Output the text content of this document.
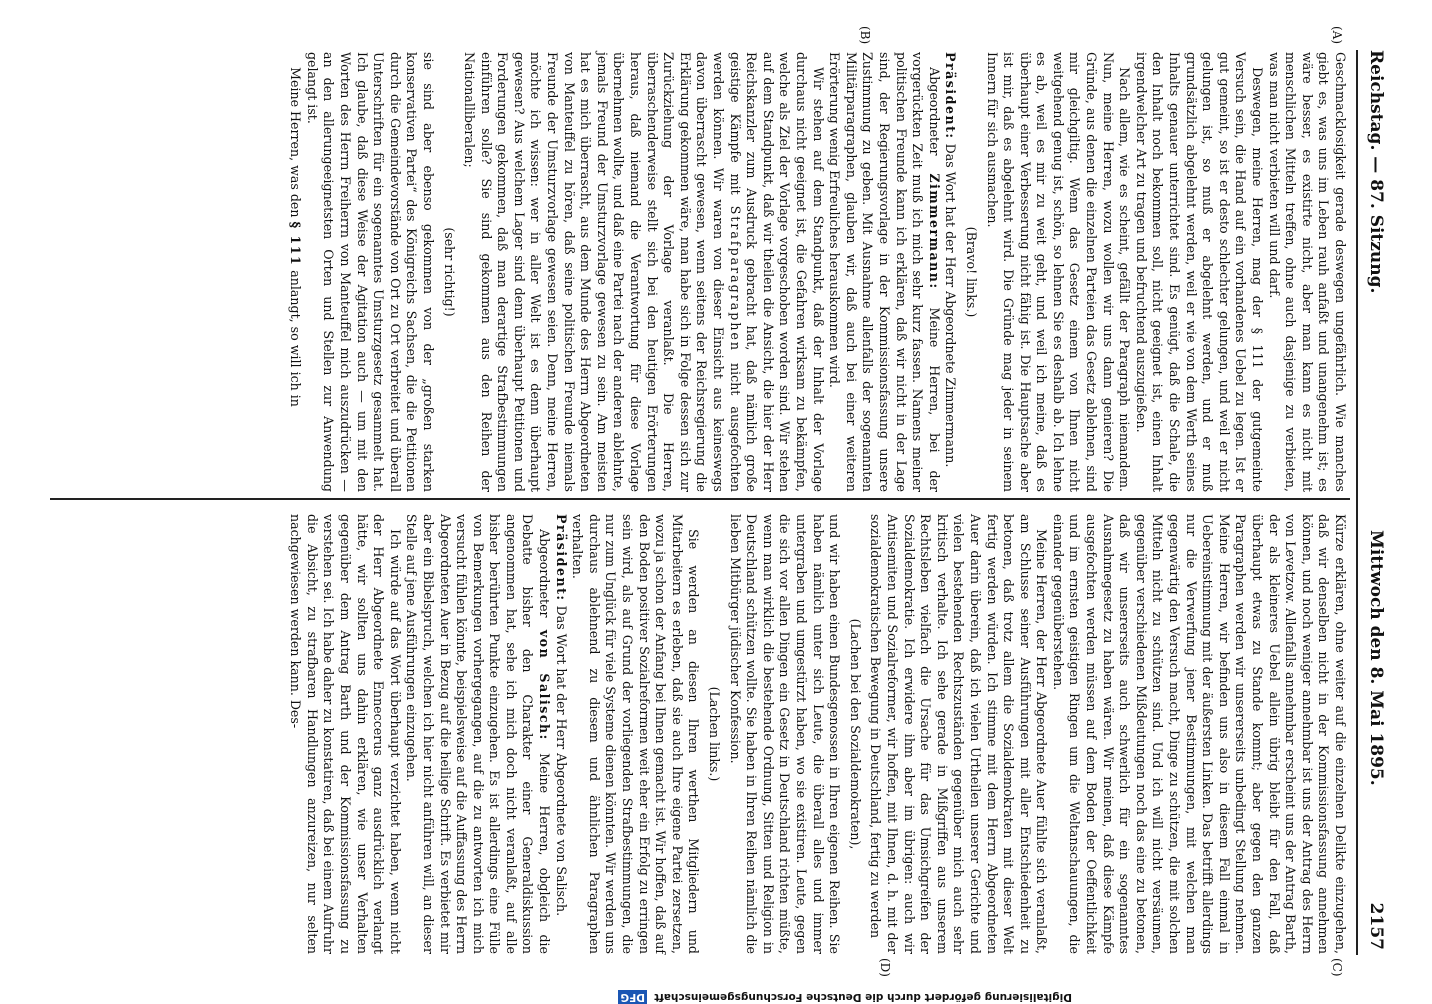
Reichstag. — 87. Sitzung.
Mittwoch den 8. Mai 1895.
2157
(A)
(B)
(C)
(D)

Geschmacklosigkeit gerade deswegen ungefährlich. Wie manches giebt es, was uns im Leben rauh anfaßt und unangenehm ist; es wäre besser, es existirte nicht, aber man kann es nicht mit menschlichen Mitteln treffen, ohne auch dasjenige zu verbieten, was man nicht verbieten will und darf.

Deswegen, meine Herren, mag der § 111 der gutgemeinte Versuch sein, die Hand auf ein vorhandenes Uebel zu legen. Ist er gut gemeint, so ist er desto schlechter gelungen, und weil er nicht gelungen ist, so muß er abgelehnt werden, und er muß grundsätzlich abgelehnt werden, weil er wie von dem Werth seines Inhalts genauer unterrichtet sind. Es genügt, daß die Schale, die den Inhalt noch bekommen soll, nicht geeignet ist, einen Inhalt irgendwelcher Art zu tragen und befruchtend auszugießen.

Nach allem, wie es scheint, gefällt der Paragraph niemandem. Nun, meine Herren, wozu wollen wir uns dann genieren? Die Gründe, aus denen die einzelnen Parteien das Gesetz ablehnen, sind mir gleichgiltig. Wenn das Gesetz einem von Ihnen nicht weitgehend genug ist, schön, so lehnen Sie es deshalb ab. Ich lehne es ab, weil es mir zu weit geht, und weil ich meine, daß es überhaupt einer Verbesserung nicht fähig ist. Die Hauptsache aber ist mir, daß es abgelehnt wird. Die Gründe mag jeder in seinem Innern für sich ausmachen.

(Bravo! links.)

Präsident: Das Wort hat der Herr Abgeordnete Zimmermann.

Abgeordneter Zimmermann: Meine Herren, bei der vorgerückten Zeit muß ich mich sehr kurz fassen. Namens meiner politischen Freunde kann ich erklären, daß wir nicht in der Lage sind, der Regierungsvorlage in der Kommissionsfassung unsere Zustimmung zu geben. Mit Ausnahme allenfalls der sogenannten Militärparagraphen, glauben wir, daß auch bei einer weiteren Erörterung wenig Erfreuliches herauskommen wird.

Wir stehen auf dem Standpunkt, daß der Inhalt der Vorlage durchaus nicht geeignet ist, die Gefahren wirksam zu bekämpfen, welche als Ziel der Vorlage vorgeschoben worden sind. Wir stehen auf dem Standpunkt, daß wir theilen die Ansicht, die hier der Herr Reichskanzler zum Ausdruck gebracht hat, daß nämlich große geistige Kämpfe mit Strafparagraphen nicht ausgefochten werden können. Wir waren von dieser Einsicht aus keineswegs davon überrascht gewesen, wenn seitens der Reichsregierung die Erklärung gekommen wäre, man habe sich in Folge dessen sich zur Zurückziehung der Vorlage veranlaßt. Die Herren, überraschenderweise stellt sich bei den heutigen Erörterungen heraus, daß niemand die Verantwortung für diese Vorlage übernehmen wollte, und daß eine Partei nach der anderen ablehnte, jemals Freund der Umsturzvorlage gewesen zu sein. Am meisten hat es mich überrascht, aus dem Munde des Herrn Abgeordneten von Manteuffel zu hören, daß seine politischen Freunde niemals Freunde der Umsturzvorlage gewesen seien. Denn, meine Herren, möchte ich wissen: wer in aller Welt ist es denn überhaupt gewesen? Aus welchem Lager sind denn überhaupt Petitionen und Forderungen gekommen, daß man derartige Strafbestimmungen einführen solle? Sie sind gekommen aus den Reihen der Nationalliberalen;

(sehr richtig!)

sie sind aber ebenso gekommen von der „großen starken konservativen Partei“ des Königreichs Sachsen, die die Petitionen durch die Gemeindevorstände von Ort zu Ort verbreitet und überall Unterschriften für ein sogenanntes Umsturzgesetz gesammelt hat. Ich glaube, daß diese Weise der Agitation auch — um mit den Worten des Herrn Freiherrn von Manteuffel mich auszudrücken — an den allerungeeignetsten Orten und Stellen zur Anwendung gelangt ist.

Meine Herren, was den § 111 anlangt, so will ich in

Kürze erklären, ohne weiter auf die einzelnen Delikte einzugehen, daß wir denselben nicht in der Kommissionsfassung annehmen können, und noch weniger annehmbar ist uns der Antrag des Herrn von Levetzow. Allenfalls annehmbar erscheint uns der Antrag Barth, der als kleineres Uebel allein übrig bleibt für den Fall, daß überhaupt etwas zu Stande kommt; aber gegen den ganzen Paragraphen werden wir unsererseits unbedingt Stellung nehmen. Meine Herren, wir befinden uns also in diesem Fall einmal in Uebereinstimmung mit der äußersten Linken. Das betrifft allerdings nur die Verwerfung jener Bestimmungen, mit welchen man gegenwärtig den Versuch macht, Dinge zu schützen, die mit solchen Mitteln nicht zu schützen sind. Und ich will nicht versäumen, gegenüber verschiedenen Mißdeutungen noch das eine zu betonen, daß wir unsererseits auch schwerlich für ein sogenanntes Ausnahmegesetz zu haben wären. Wir meinen, daß diese Kämpfe ausgefochten werden müssen auf dem Boden der Oeffentlichkeit und im ernsten geistigen Ringen um die Weltanschauungen, die einander gegenüberstehen.

Meine Herren, der Herr Abgeordnete Auer fühlte sich veranlaßt, am Schlusse seiner Ausführungen mit aller Entschiedenheit zu betonen, daß trotz allem die Sozialdemokraten mit dieser Welt fertig werden würden. Ich stimme mit dem Herrn Abgeordneten Auer darin überein, daß ich vielen Urtheilen unserer Gerichte und vielen bestehenden Rechtszuständen gegenüber mich auch sehr kritisch verhalte. Ich sehe gerade in Mißgriffen aus unserem Rechtsleben vielfach die Ursache für das Umsichgreifen der Sozialdemokratie. Ich erwidere ihm aber im übrigen: auch wir Antisemiten und Sozialreformer, wir hoffen, mit Ihnen, d. h. mit der sozialdemokratischen Bewegung in Deutschland, fertig zu werden

(Lachen bei den Sozialdemokraten),

und wir haben einen Bundesgenossen in Ihren eigenen Reihen. Sie haben nämlich unter sich Leute, die überall alles und immer untergraben und umgestürzt haben, wo sie existiren. Leute, gegen die sich vor allen Dingen ein Gesetz in Deutschland richten müßte, wenn man wirklich die bestehende Ordnung, Sitten und Religion in Deutschland schützen wollte. Sie haben in Ihren Reihen nämlich die lieben Mitbürger jüdischer Konfession.

(Lachen links.)

Sie werden an diesen Ihren werthen Mitgliedern und Mitarbeitern es erleben, daß sie auch Ihre eigene Partei zersetzen, wozu ja schon der Anfang bei Ihnen gemacht ist. Wir hoffen, daß auf den Boden positiver Sozialreformen weit eher ein Erfolg zu erringen sein wird, als auf Grund der vorliegenden Strafbestimmungen, die nur zum Unglück für viele Systeme dienen könnten. Wir werden uns durchaus ablehnend zu diesem und ähnlichen Paragraphen verhalten.

Präsident: Das Wort hat der Herr Abgeordnete von Salisch.

Abgeordneter von Salisch: Meine Herren, obgleich die Debatte bisher den Charakter einer Generaldiskussion angenommen hat, sehe ich mich doch nicht veranlaßt, auf alle bisher berührten Punkte einzugehen. Es ist allerdings eine Fülle von Bemerkungen vorhergegangen, auf die zu antworten ich mich versucht fühlen könnte, beispielsweise auf die Auffassung des Herrn Abgeordneten Auer in Bezug auf die heilige Schrift. Es verbietet mir aber ein Bibelspruch, welchen ich hier nicht anführen will, an dieser Stelle auf jene Ausführungen einzugehen.

Ich würde auf das Wort überhaupt verzichtet haben, wenn nicht der Herr Abgeordnete Enneccerus ganz ausdrücklich verlangt hätte, wir sollten uns dahin erklären, wie unser Verhalten gegenüber dem Antrag Barth und der Kommissionsfassung zu verstehen sei. Ich habe daher zu konstatiren, daß bei einem Aufruhr die Absicht, zu strafbaren Handlungen anzureizen, nur selten nachgewiesen werden kann. Des-

Digitalisierung gefördert durch die Deutsche Forschungsgemeinschaft DFG
